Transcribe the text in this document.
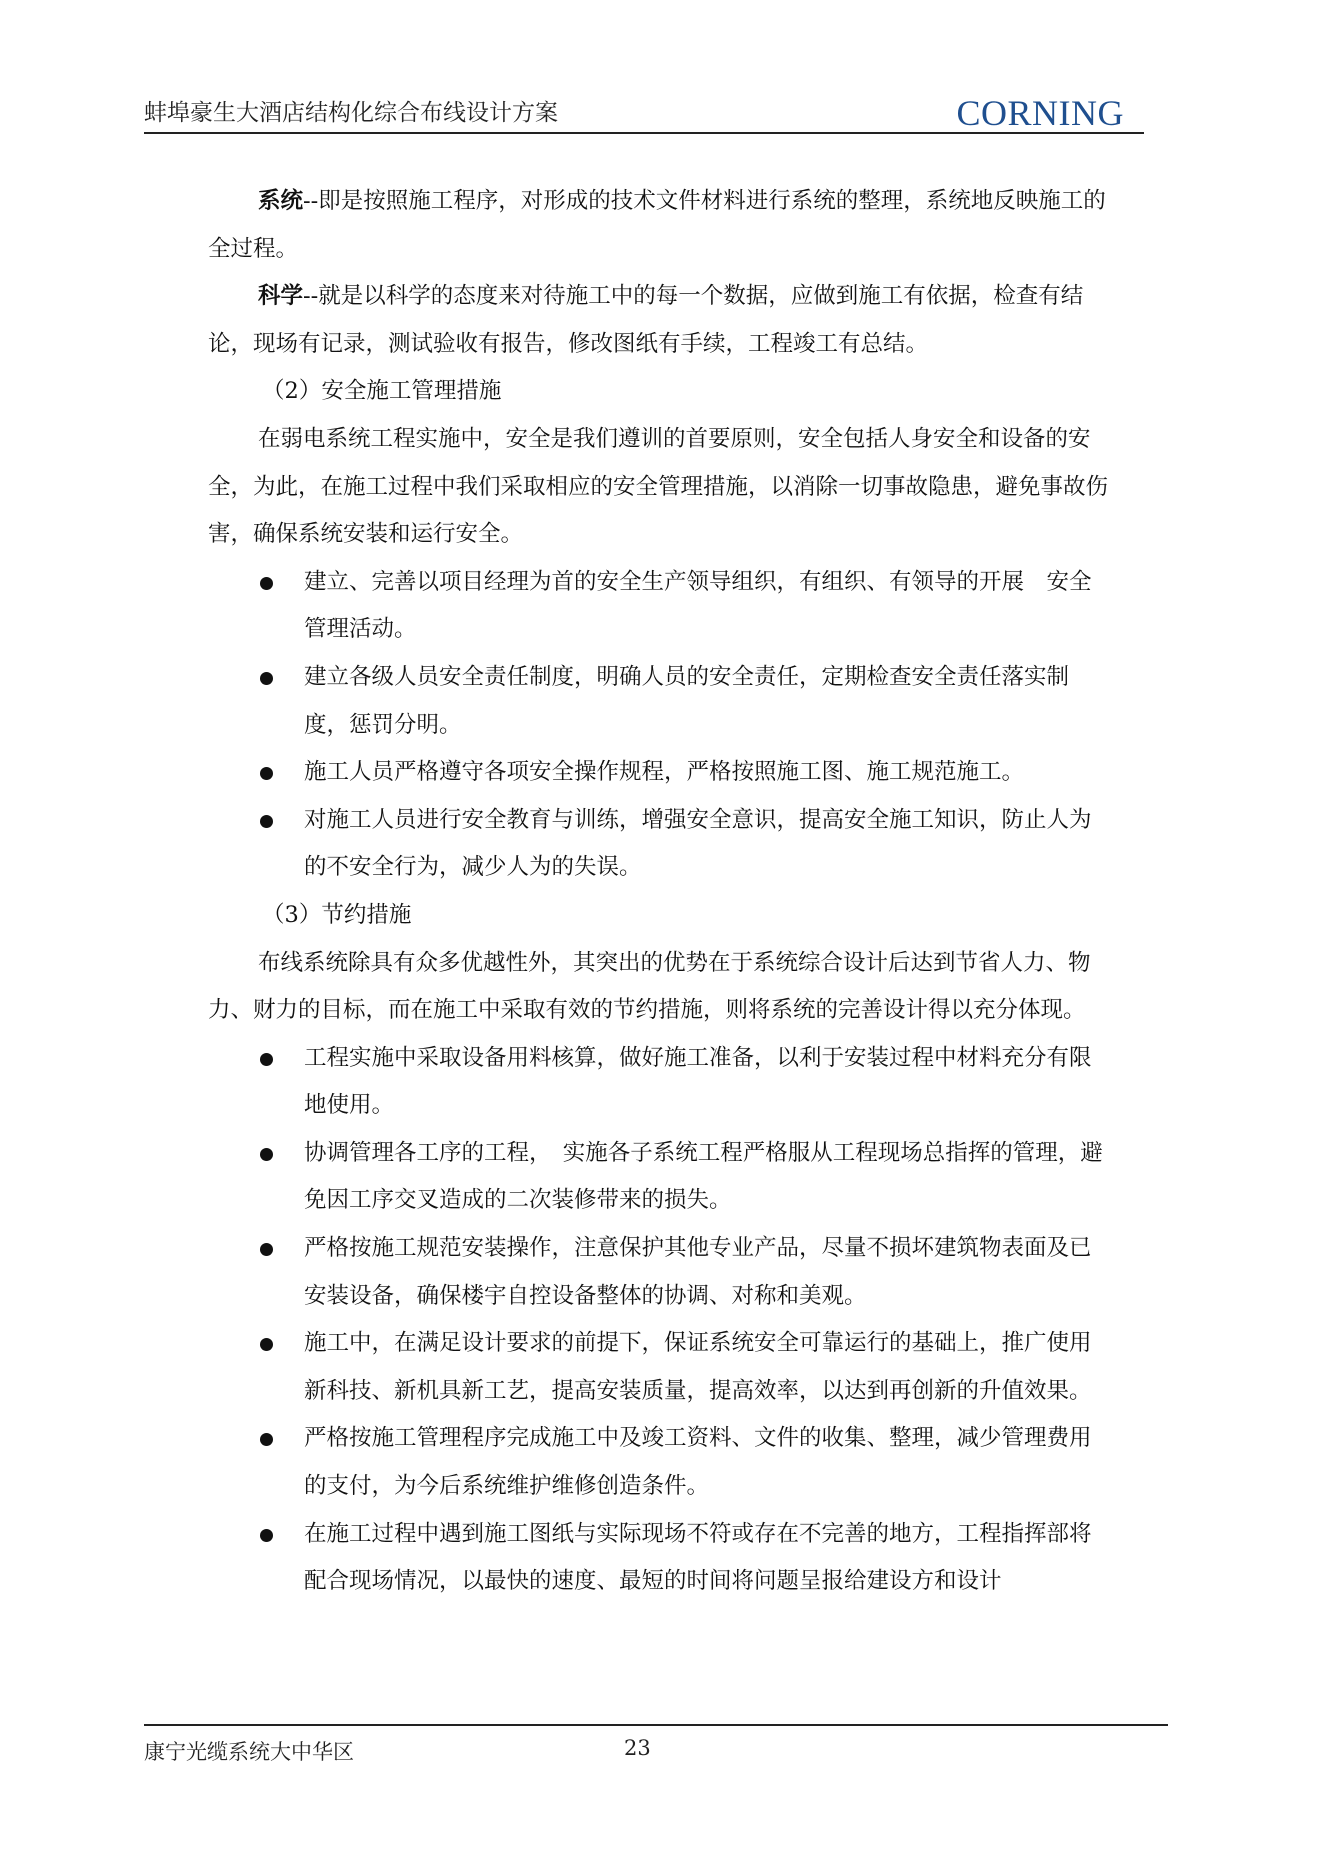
蚌埠豪生大酒店结构化综合布线设计方案	CORNING

系统--即是按照施工程序，对形成的技术文件材料进行系统的整理，系统地反映施工的全过程。

科学--就是以科学的态度来对待施工中的每一个数据，应做到施工有依据，检查有结论，现场有记录，测试验收有报告，修改图纸有手续，工程竣工有总结。

（2）安全施工管理措施

在弱电系统工程实施中，安全是我们遵训的首要原则，安全包括人身安全和设备的安全，为此，在施工过程中我们采取相应的安全管理措施，以消除一切事故隐患，避免事故伤害，确保系统安装和运行安全。

建立、完善以项目经理为首的安全生产领导组织，有组织、有领导的开展　安全管理活动。
建立各级人员安全责任制度，明确人员的安全责任，定期检查安全责任落实制度，惩罚分明。
施工人员严格遵守各项安全操作规程，严格按照施工图、施工规范施工。
对施工人员进行安全教育与训练，增强安全意识，提高安全施工知识，防止人为的不安全行为，减少人为的失误。

（3）节约措施

布线系统除具有众多优越性外，其突出的优势在于系统综合设计后达到节省人力、物力、财力的目标，而在施工中采取有效的节约措施，则将系统的完善设计得以充分体现。

工程实施中采取设备用料核算，做好施工准备，以利于安装过程中材料充分有限地使用。
协调管理各工序的工程，　实施各子系统工程严格服从工程现场总指挥的管理，避免因工序交叉造成的二次装修带来的损失。
严格按施工规范安装操作，注意保护其他专业产品，尽量不损坏建筑物表面及已安装设备，确保楼宇自控设备整体的协调、对称和美观。
施工中，在满足设计要求的前提下，保证系统安全可靠运行的基础上，推广使用新科技、新机具新工艺，提高安装质量，提高效率，以达到再创新的升值效果。
严格按施工管理程序完成施工中及竣工资料、文件的收集、整理，减少管理费用的支付，为今后系统维护维修创造条件。
在施工过程中遇到施工图纸与实际现场不符或存在不完善的地方，工程指挥部将配合现场情况，以最快的速度、最短的时间将问题呈报给建设方和设计
康宁光缆系统大中华区	23
